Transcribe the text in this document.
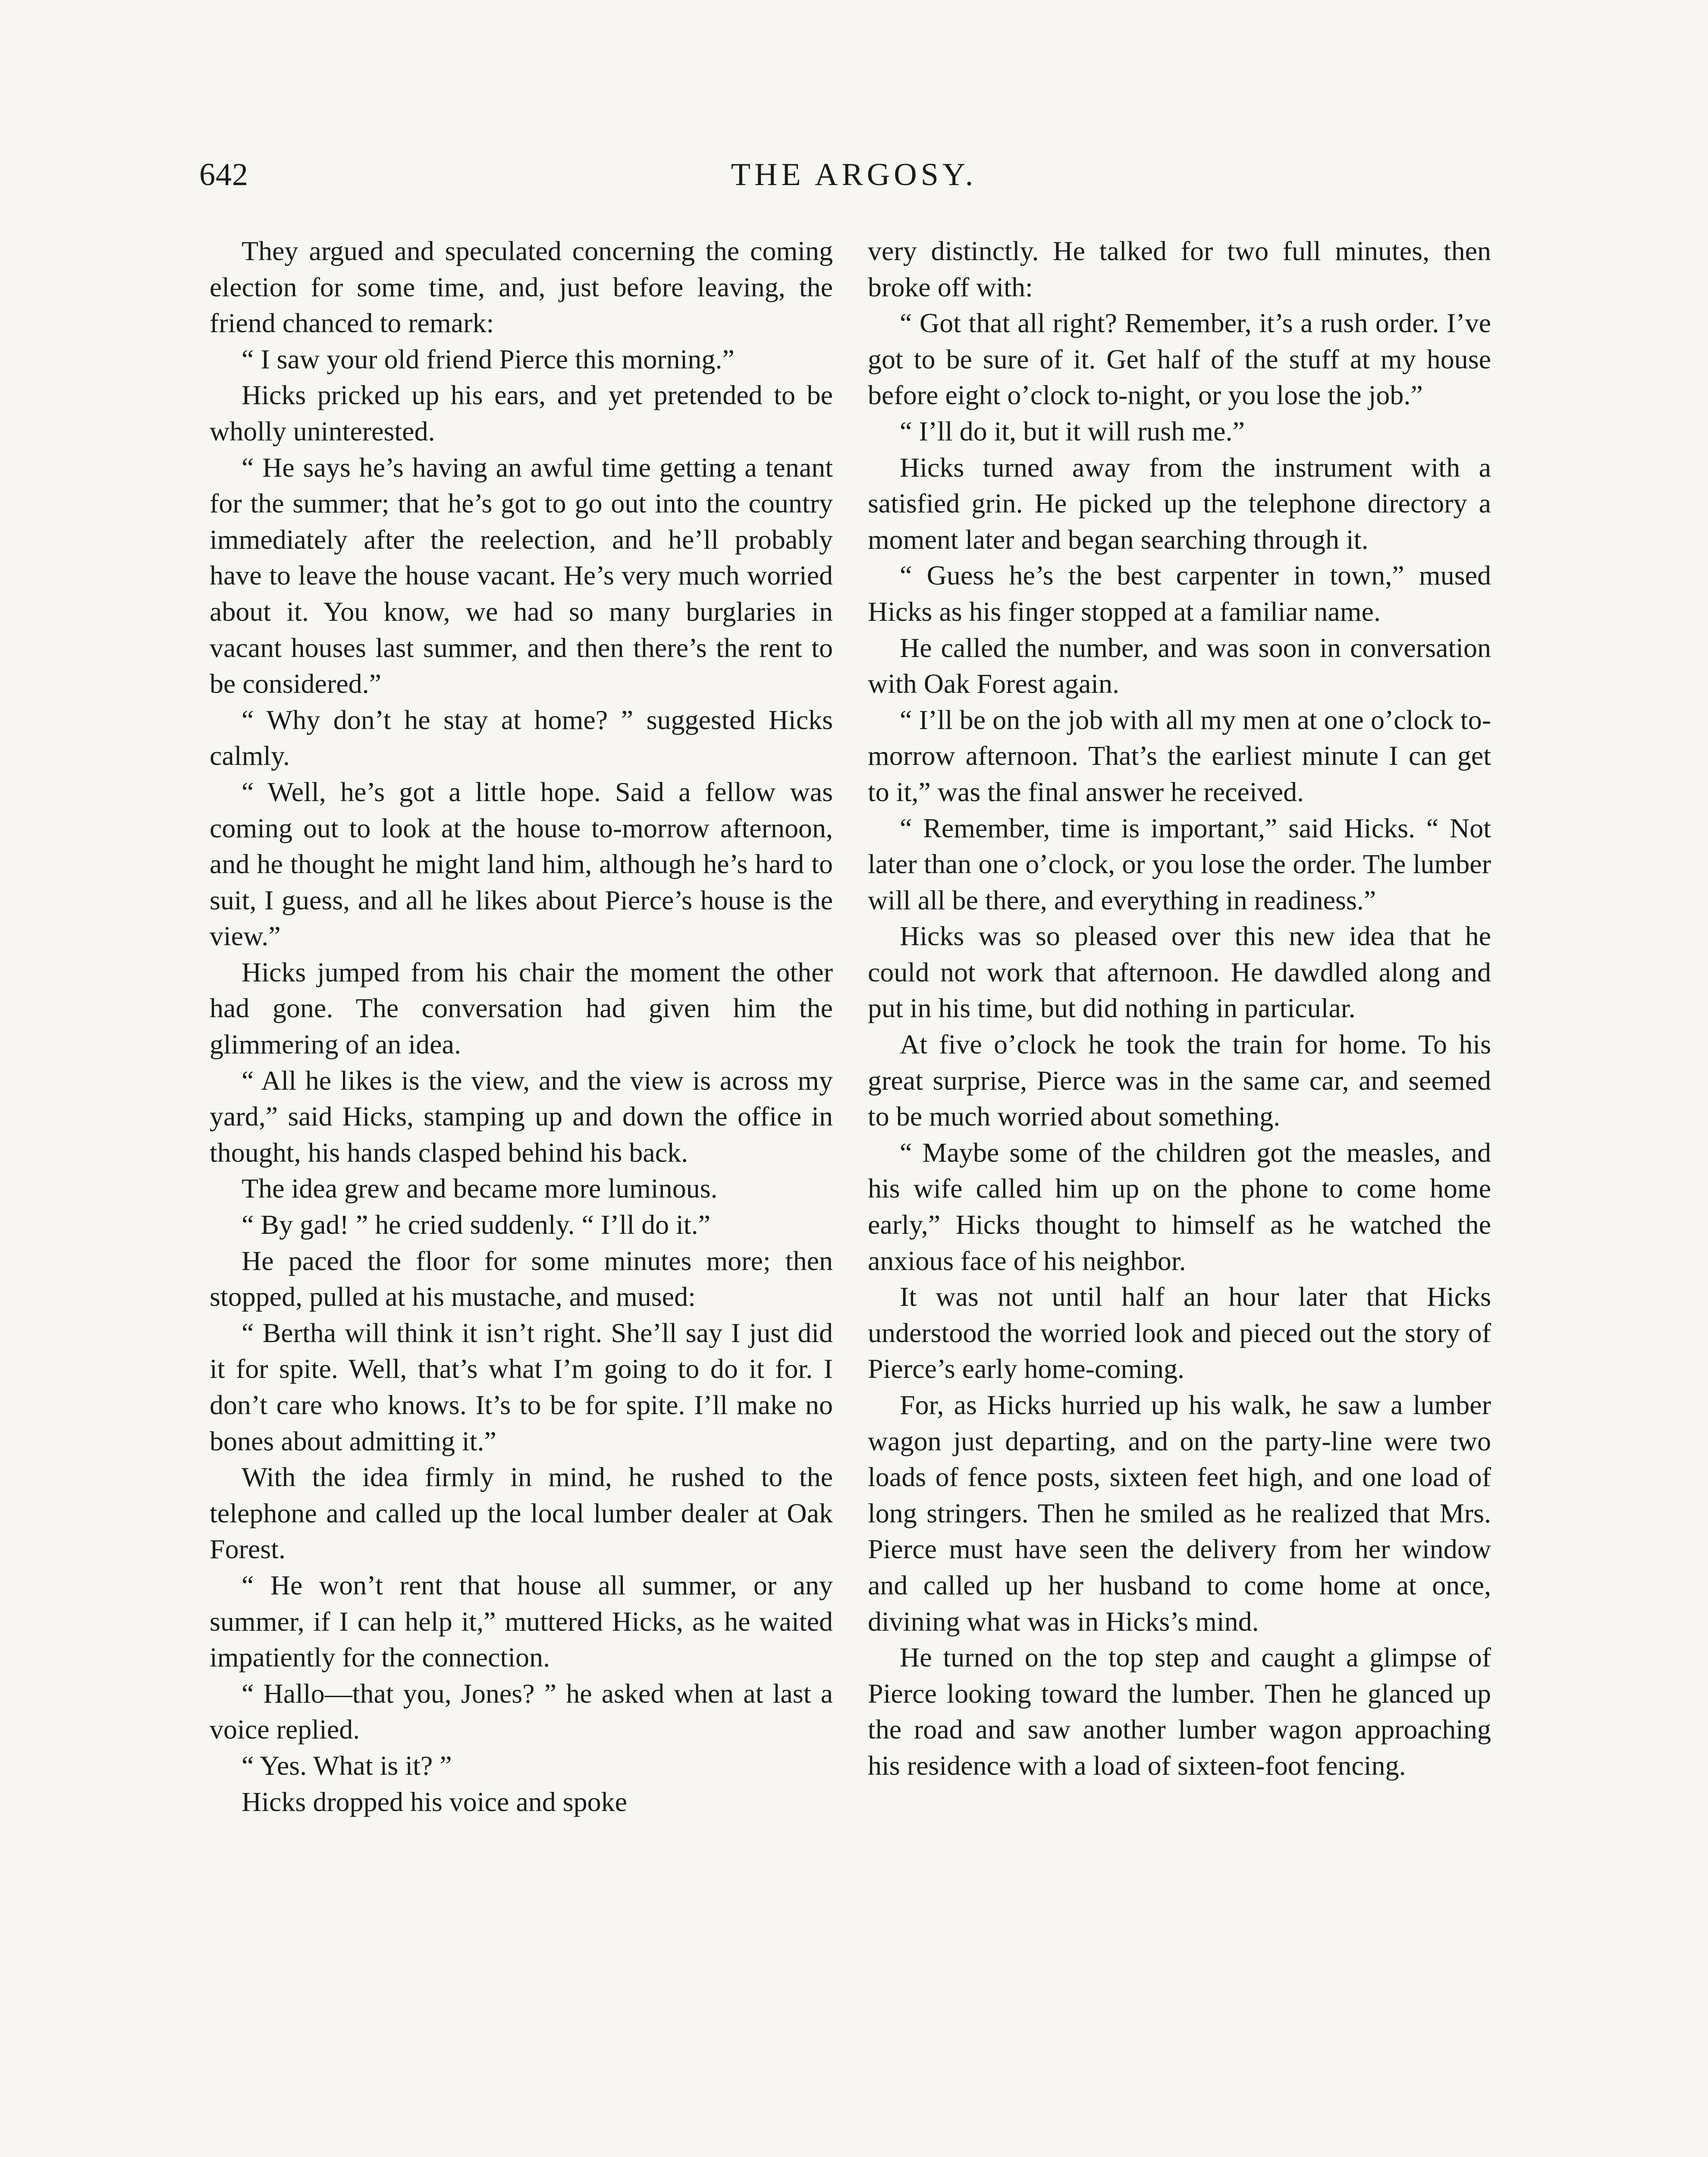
642	THE ARGOSY.

They argued and speculated concerning the coming election for some time, and, just before leaving, the friend chanced to remark:

“ I saw your old friend Pierce this morning.”

Hicks pricked up his ears, and yet pretended to be wholly uninterested.

“ He says he’s having an awful time getting a tenant for the summer; that he’s got to go out into the country immediately after the reelection, and he’ll probably have to leave the house vacant. He’s very much worried about it. You know, we had so many burglaries in vacant houses last summer, and then there’s the rent to be considered.”

“ Why don’t he stay at home? ” suggested Hicks calmly.

“ Well, he’s got a little hope. Said a fellow was coming out to look at the house to-morrow afternoon, and he thought he might land him, although he’s hard to suit, I guess, and all he likes about Pierce’s house is the view.”

Hicks jumped from his chair the moment the other had gone. The conversation had given him the glimmering of an idea.

“ All he likes is the view, and the view is across my yard,” said Hicks, stamping up and down the office in thought, his hands clasped behind his back.

The idea grew and became more luminous.

“ By gad! ” he cried suddenly. “ I’ll do it.”

He paced the floor for some minutes more; then stopped, pulled at his mustache, and mused:

“ Bertha will think it isn’t right. She’ll say I just did it for spite. Well, that’s what I’m going to do it for. I don’t care who knows. It’s to be for spite. I’ll make no bones about admitting it.”

With the idea firmly in mind, he rushed to the telephone and called up the local lumber dealer at Oak Forest.

“ He won’t rent that house all summer, or any summer, if I can help it,” muttered Hicks, as he waited impatiently for the connection.

“ Hallo—that you, Jones? ” he asked when at last a voice replied.

“ Yes. What is it? ”

Hicks dropped his voice and spoke

very distinctly. He talked for two full minutes, then broke off with:

“ Got that all right? Remember, it’s a rush order. I’ve got to be sure of it. Get half of the stuff at my house before eight o’clock to-night, or you lose the job.”

“ I’ll do it, but it will rush me.”

Hicks turned away from the instrument with a satisfied grin. He picked up the telephone directory a moment later and began searching through it.

“ Guess he’s the best carpenter in town,” mused Hicks as his finger stopped at a familiar name.

He called the number, and was soon in conversation with Oak Forest again.

“ I’ll be on the job with all my men at one o’clock to-morrow afternoon. That’s the earliest minute I can get to it,” was the final answer he received.

“ Remember, time is important,” said Hicks. “ Not later than one o’clock, or you lose the order. The lumber will all be there, and everything in readiness.”

Hicks was so pleased over this new idea that he could not work that afternoon. He dawdled along and put in his time, but did nothing in particular.

At five o’clock he took the train for home. To his great surprise, Pierce was in the same car, and seemed to be much worried about something.

“ Maybe some of the children got the measles, and his wife called him up on the phone to come home early,” Hicks thought to himself as he watched the anxious face of his neighbor.

It was not until half an hour later that Hicks understood the worried look and pieced out the story of Pierce’s early home-coming.

For, as Hicks hurried up his walk, he saw a lumber wagon just departing, and on the party-line were two loads of fence posts, sixteen feet high, and one load of long stringers. Then he smiled as he realized that Mrs. Pierce must have seen the delivery from her window and called up her husband to come home at once, divining what was in Hicks’s mind.

He turned on the top step and caught a glimpse of Pierce looking toward the lumber. Then he glanced up the road and saw another lumber wagon approaching his residence with a load of sixteen-foot fencing.
